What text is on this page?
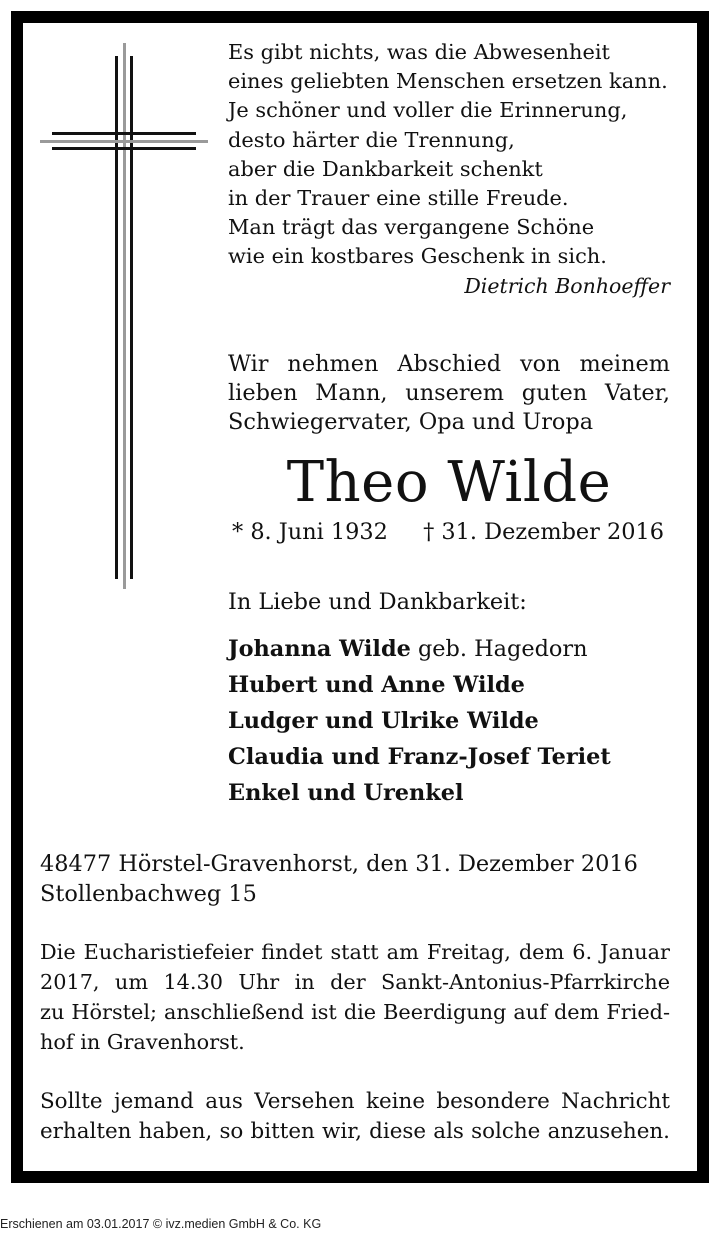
Es gibt nichts, was die Abwesenheit
eines geliebten Menschen ersetzen kann.
Je schöner und voller die Erinnerung,
desto härter die Trennung,
aber die Dankbarkeit schenkt
in der Trauer eine stille Freude.
Man trägt das vergangene Schöne
wie ein kostbares Geschenk in sich.
Dietrich Bonhoeffer
Wir nehmen Abschied von meinem
lieben Mann, unserem guten Vater,
Schwiegervater, Opa und Uropa
Theo Wilde
* 8. Juni 1932 † 31. Dezember 2016
In Liebe und Dankbarkeit:
Johanna Wilde geb. Hagedorn
Hubert und Anne Wilde
Ludger und Ulrike Wilde
Claudia und Franz-Josef Teriet
Enkel und Urenkel
48477 Hörstel-Gravenhorst, den 31. Dezember 2016
Stollenbachweg 15
Die Eucharistiefeier findet statt am Freitag, dem 6. Januar
2017, um 14.30 Uhr in der Sankt-Antonius-Pfarrkirche
zu Hörstel; anschließend ist die Beerdigung auf dem Fried-
hof in Gravenhorst.
Sollte jemand aus Versehen keine besondere Nachricht
erhalten haben, so bitten wir, diese als solche anzusehen.
Erschienen am 03.01.2017 © ivz.medien GmbH & Co. KG
